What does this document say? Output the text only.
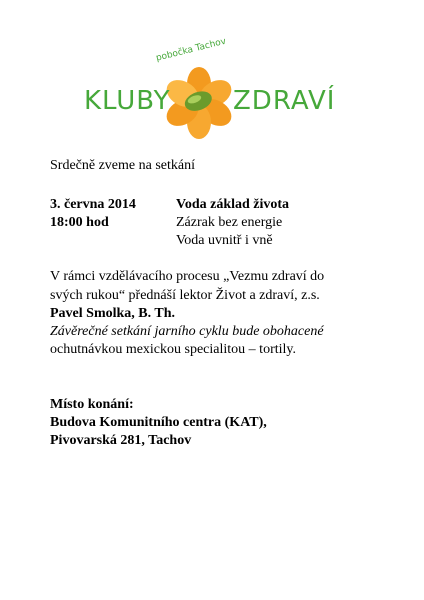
KLUBY ZDRAVÍ
pobočka Tachov
Srdečně zveme na setkání
3. června 2014
18:00 hod
Voda základ života
Zázrak bez energie
Voda uvnitř i vně
V rámci vzdělávacího procesu „Vezmu zdraví do
svých rukou“ přednáší lektor Život a zdraví, z.s.
Pavel Smolka, B. Th.
Závěrečné setkání jarního cyklu bude obohacené
ochutnávkou mexickou specialitou – tortily.
Místo konání:
Budova Komunitního centra (KAT),
Pivovarská 281, Tachov
